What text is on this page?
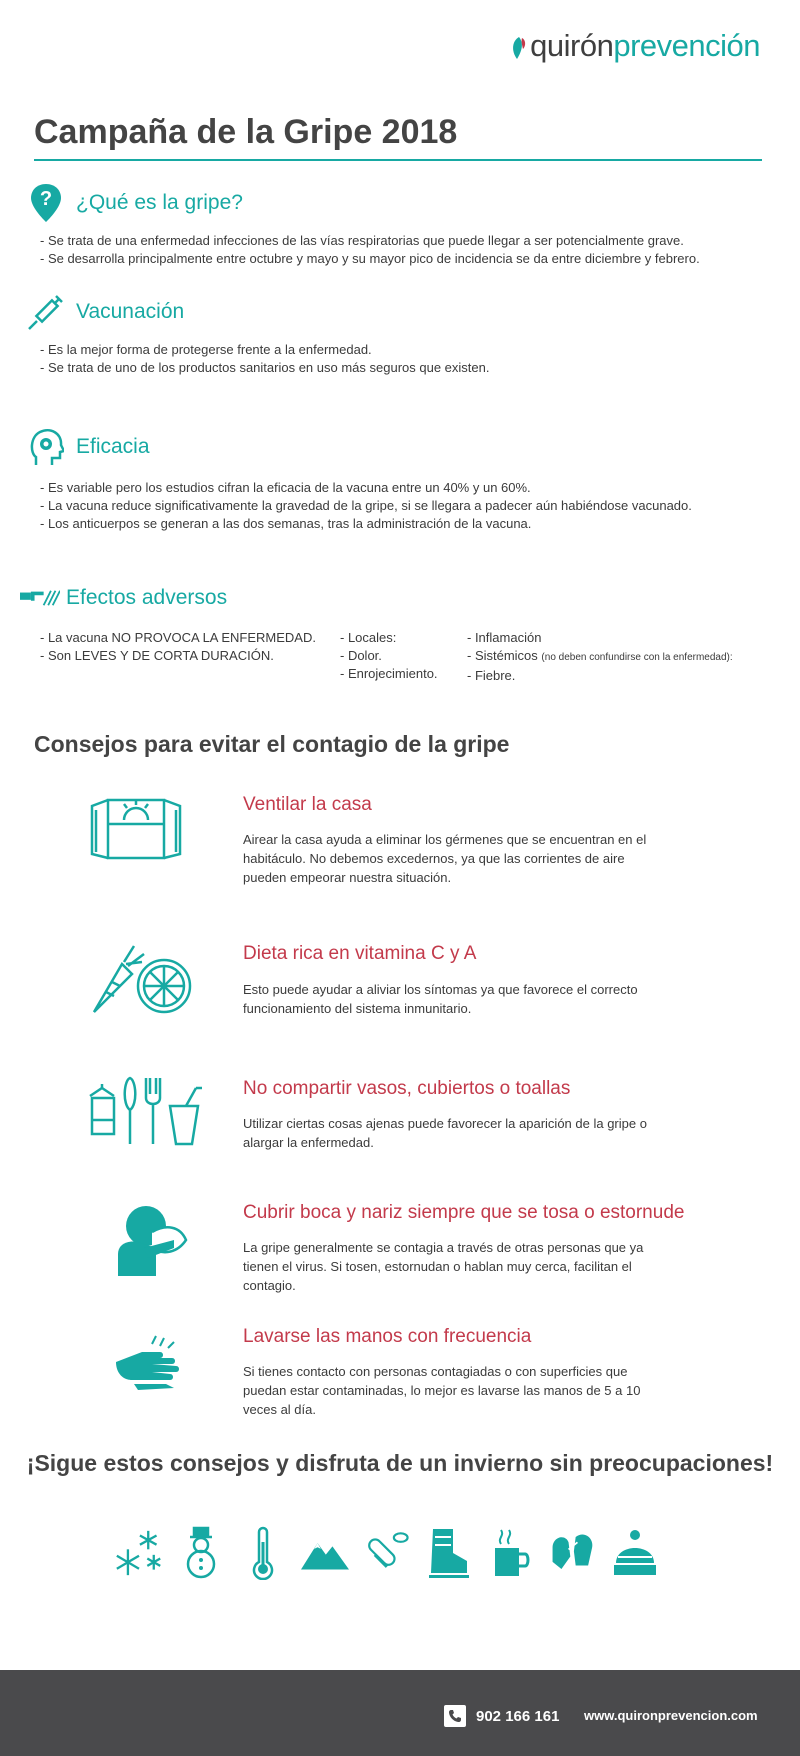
quirón prevención
Campaña de la Gripe 2018
? ¿Qué es la gripe?
- Se trata de una enfermedad infecciones de las vías respiratorias que puede llegar a ser potencialmente grave.
- Se desarrolla principalmente entre octubre y mayo y su mayor pico de incidencia se da entre diciembre y febrero.
Vacunación
- Es la mejor forma de protegerse frente a la enfermedad.
- Se trata de uno de los productos sanitarios en uso más seguros que existen.
Eficacia
- Es variable pero los estudios cifran la eficacia de la vacuna entre un 40% y un 60%.
- La vacuna reduce significativamente la gravedad de la gripe, si se llegara a padecer aún habiéndose vacunado.
- Los anticuerpos se generan a las dos semanas, tras la administración de la vacuna.
Efectos adversos
- La vacuna NO PROVOCA LA ENFERMEDAD.
- Son LEVES Y DE CORTA DURACIÓN.
- Locales:
- Dolor.
- Enrojecimiento.
- Inflamación
- Sistémicos (no deben confundirse con la enfermedad):
- Fiebre.
Consejos para evitar el contagio de la gripe
Ventilar la casa

Airear la casa ayuda a eliminar los gérmenes que se encuentran en el habitáculo. No debemos excedernos, ya que las corrientes de aire pueden empeorar nuestra situación.

Dieta rica en vitamina C y A

Esto puede ayudar a aliviar los síntomas ya que favorece el correcto funcionamiento del sistema inmunitario.

No compartir vasos, cubiertos o toallas

Utilizar ciertas cosas ajenas puede favorecer la aparición de la gripe o alargar la enfermedad.

Cubrir boca y nariz siempre que se tosa o estornude

La gripe generalmente se contagia a través de otras personas que ya tienen el virus. Si tosen, estornudan o hablan muy cerca, facilitan el contagio.

Lavarse las manos con frecuencia

Si tienes contacto con personas contagiadas o con superficies que puedan estar contaminadas, lo mejor es lavarse las manos de 5 a 10 veces al día.

¡Sigue estos consejos y disfruta de un invierno sin preocupaciones!
902 166 161 www.quironprevencion.com
